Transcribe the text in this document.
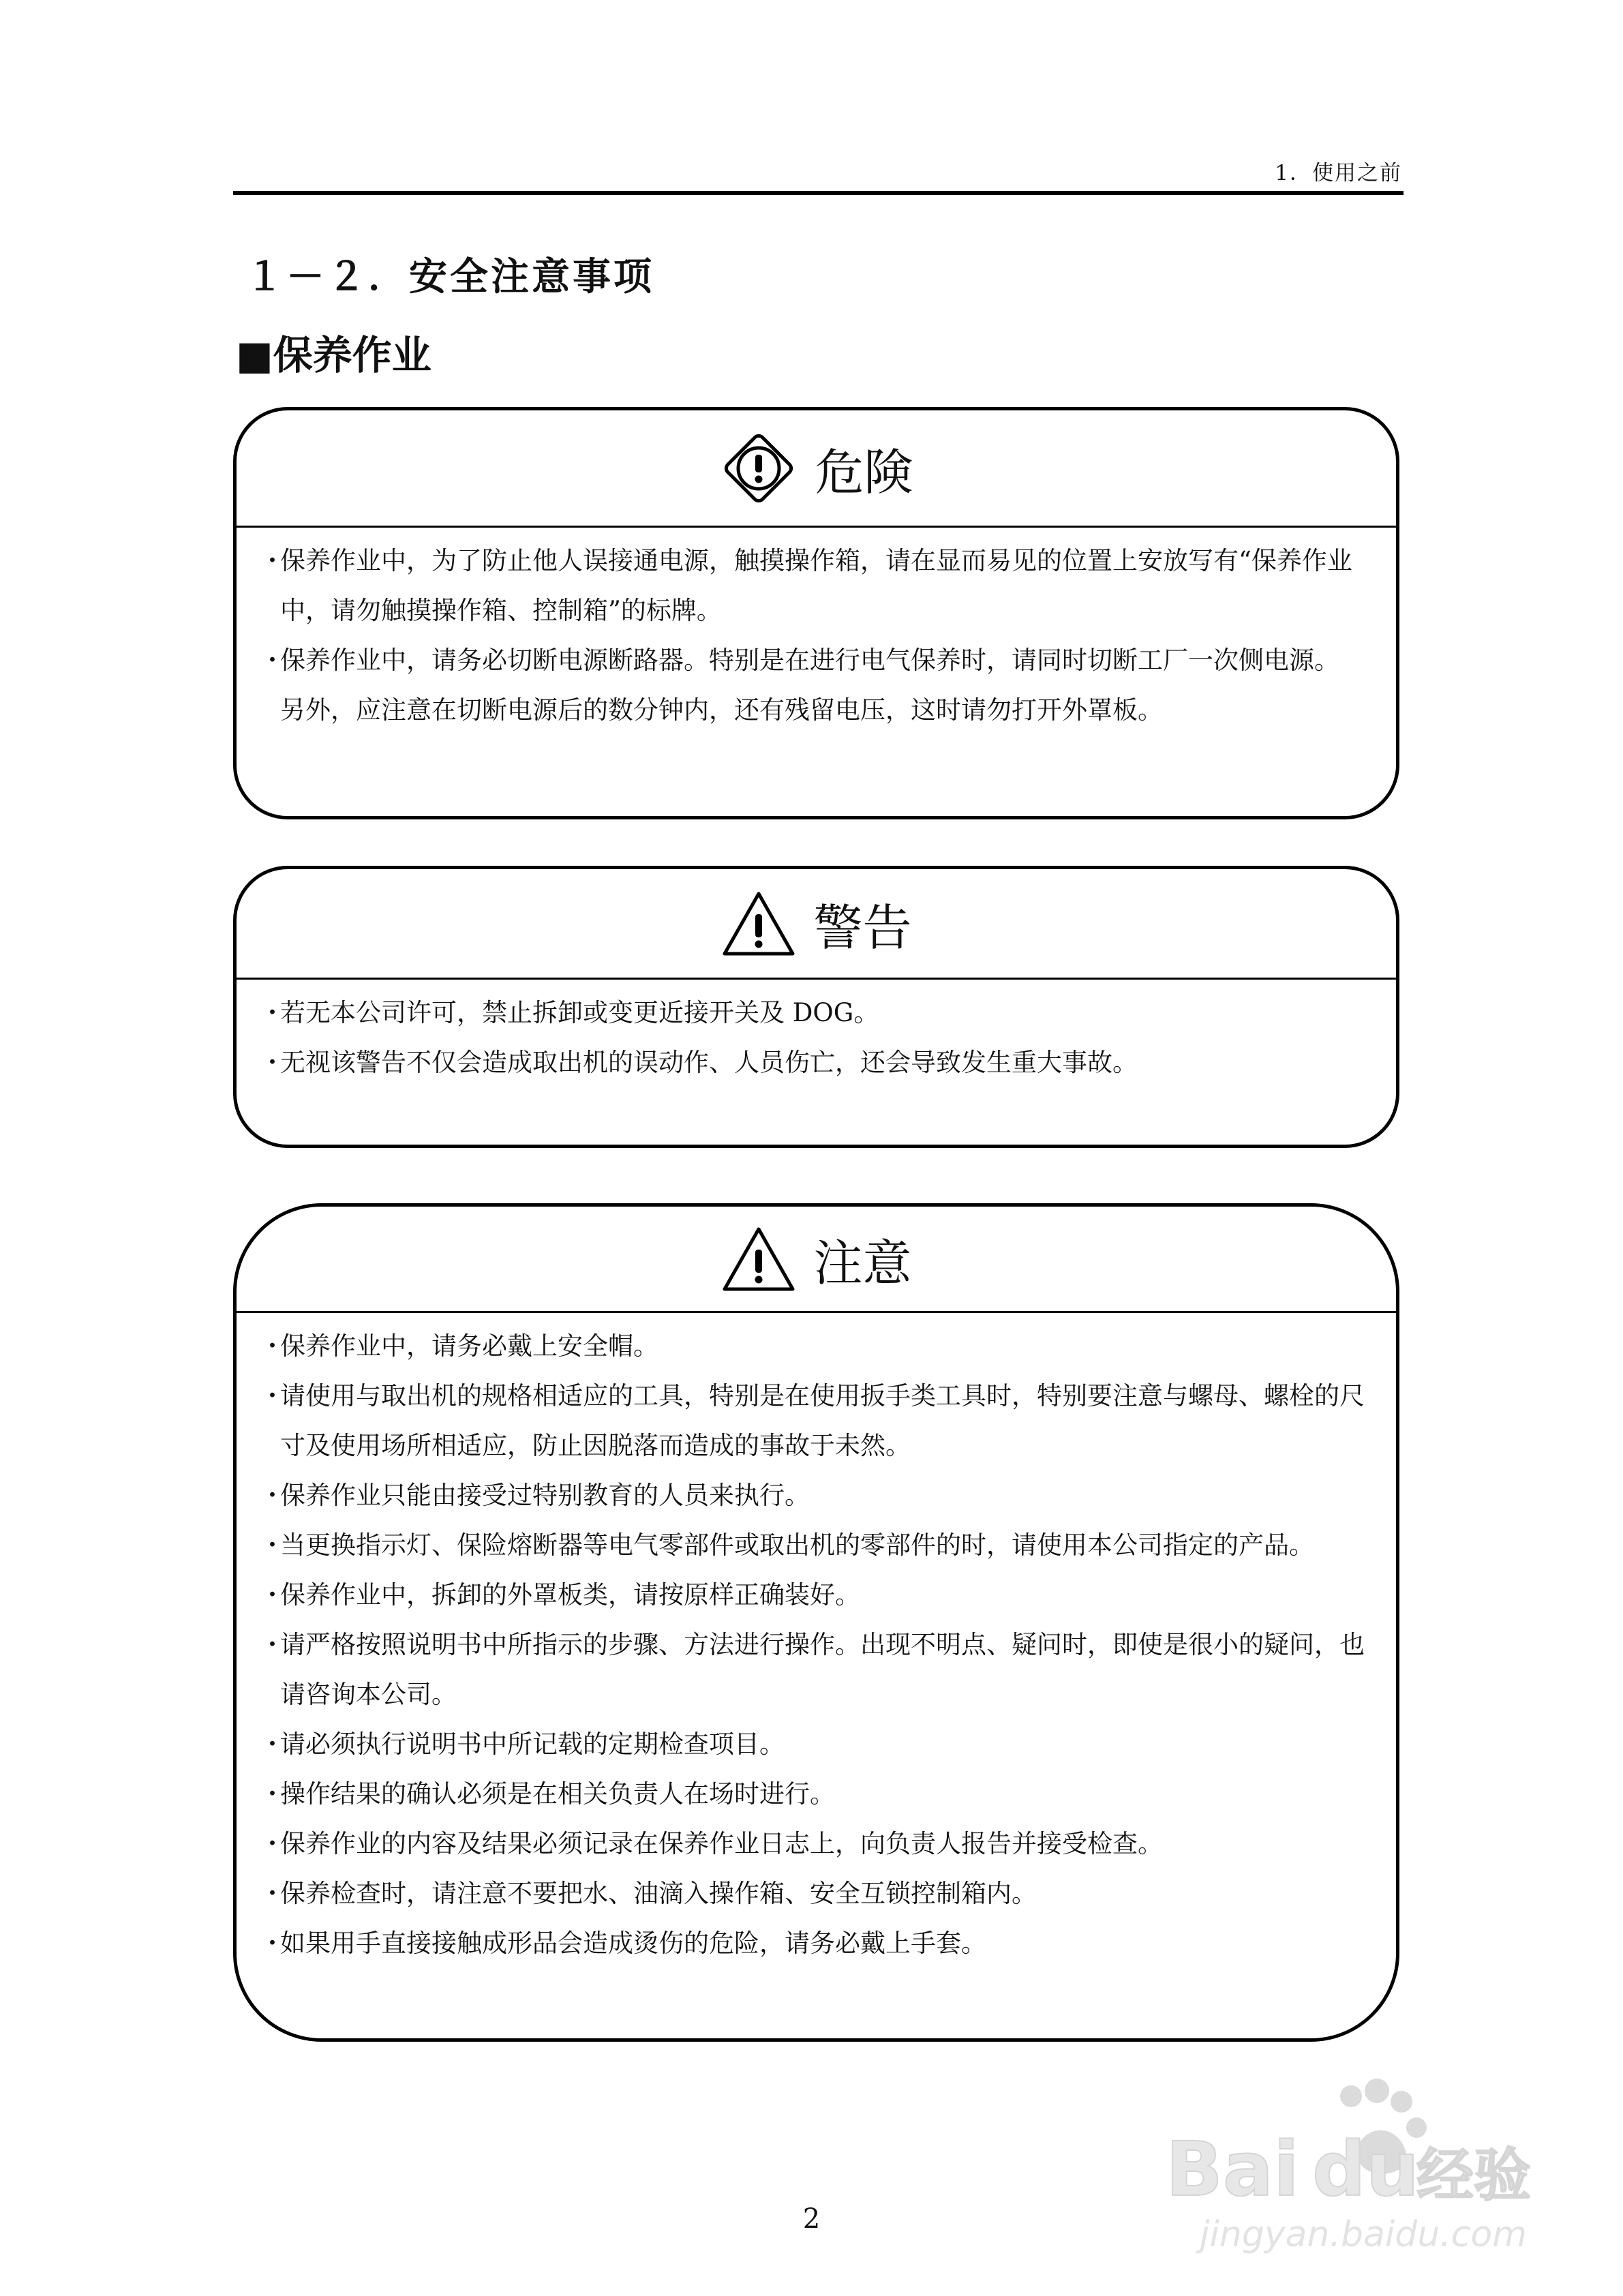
1．使用之前
１－２．安全注意事项
■保养作业
危険
・
保养作业中，为了防止他人误接通电源，触摸操作箱，请在显而易见的位置上安放写有“保养作业中，请勿触摸操作箱、控制箱”的标牌。
・
保养作业中，请务必切断电源断路器。特别是在进行电气保养时，请同时切断工厂一次侧电源。
另外，应注意在切断电源后的数分钟内，还有残留电压，这时请勿打开外罩板。
警告
・
若无本公司许可，禁止拆卸或变更近接开关及 DOG。
・
无视该警告不仅会造成取出机的误动作、人员伤亡，还会导致发生重大事故。
注意
・
保养作业中，请务必戴上安全帽。
・
请使用与取出机的规格相适应的工具，特别是在使用扳手类工具时，特别要注意与螺母、螺栓的尺寸及使用场所相适应，防止因脱落而造成的事故于未然。
・
保养作业只能由接受过特别教育的人员来执行。
・
当更换指示灯、保险熔断器等电气零部件或取出机的零部件的时，请使用本公司指定的产品。
・
保养作业中，拆卸的外罩板类，请按原样正确装好。
・
请严格按照说明书中所指示的步骤、方法进行操作。出现不明点、疑问时，即使是很小的疑问，也请咨询本公司。
・
请必须执行说明书中所记载的定期检查项目。
・
操作结果的确认必须是在相关负责人在场时进行。
・
保养作业的内容及结果必须记录在保养作业日志上，向负责人报告并接受检查。
・
保养检查时，请注意不要把水、油滴入操作箱、安全互锁控制箱内。
・
如果用手直接接触成形品会造成烫伤的危险，请务必戴上手套。
Bai du
经验
jingyan.baidu.com
2
